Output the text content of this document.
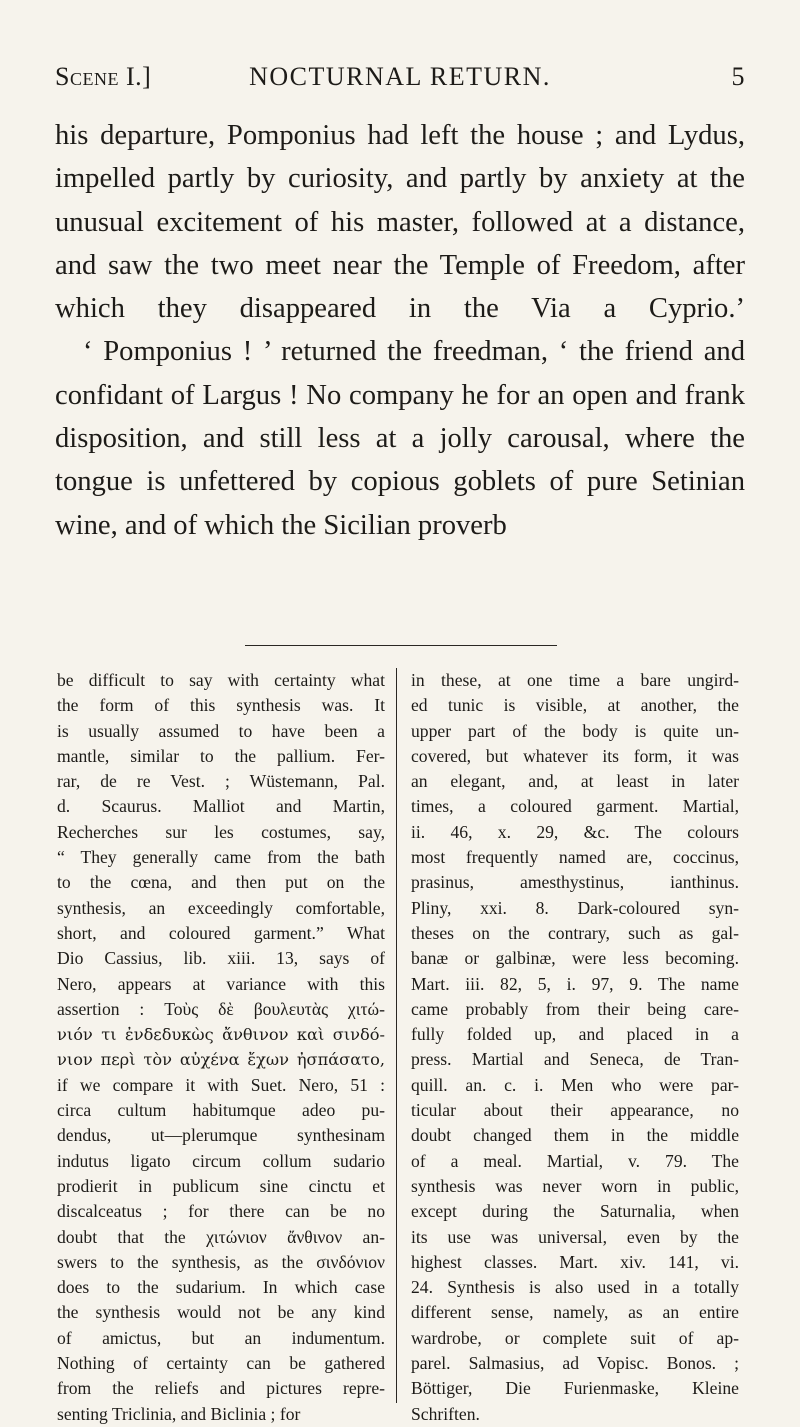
Scene I.]	NOCTURNAL RETURN.	5

his departure, Pomponius had left the house ; and Lydus, impelled partly by curiosity, and partly by anxiety at the unusual excitement of his master, followed at a distance, and saw the two meet near the Temple of Freedom, after which they disappeared in the Via a Cyprio.’

‘ Pomponius ! ’ returned the freedman, ‘ the friend and confidant of Largus ! No company he for an open and frank disposition, and still less at a jolly carousal, where the tongue is unfettered by copious goblets of pure Setinian wine, and of which the Sicilian proverb

be difficult to say with certainty what
the form of this synthesis was. It
is usually assumed to have been a
mantle, similar to the pallium. Fer-
rar, de re Vest. ; Wüstemann, Pal.
d. Scaurus. Malliot and Martin,
Recherches sur les costumes, say,
“ They generally came from the bath
to the cœna, and then put on the
synthesis, an exceedingly comfortable,
short, and coloured garment.” What
Dio Cassius, lib. xiii. 13, says of
Nero, appears at variance with this
assertion : Τοὺς δὲ βουλευτὰς χιτώ-
νιόν τι ἐνδεδυκὼς ἄνθινον καὶ σινδό-
νιον περὶ τὸν αὐχένα ἔχων ἠσπάσατο,
if we compare it with Suet. Nero, 51 :
circa cultum habitumque adeo pu-
dendus, ut—plerumque synthesinam
indutus ligato circum collum sudario
prodierit in publicum sine cinctu et
discalceatus ; for there can be no
doubt that the χιτώνιον ἄνθινον an-
swers to the synthesis, as the σινδόνιον
does to the sudarium. In which case
the synthesis would not be any kind
of amictus, but an indumentum.
Nothing of certainty can be gathered
from the reliefs and pictures repre-
senting Triclinia, and Biclinia ; for
in these, at one time a bare ungird-
ed tunic is visible, at another, the
upper part of the body is quite un-
covered, but whatever its form, it was
an elegant, and, at least in later
times, a coloured garment. Martial,
ii. 46, x. 29, &c. The colours
most frequently named are, coccinus,
prasinus, amesthystinus, ianthinus.
Pliny, xxi. 8. Dark-coloured syn-
theses on the contrary, such as gal-
banæ or galbinæ, were less becoming.
Mart. iii. 82, 5, i. 97, 9. The name
came probably from their being care-
fully folded up, and placed in a
press. Martial and Seneca, de Tran-
quill. an. c. i. Men who were par-
ticular about their appearance, no
doubt changed them in the middle
of a meal. Martial, v. 79. The
synthesis was never worn in public,
except during the Saturnalia, when
its use was universal, even by the
highest classes. Mart. xiv. 141, vi.
24. Synthesis is also used in a totally
different sense, namely, as an entire
wardrobe, or complete suit of ap-
parel. Salmasius, ad Vopisc. Bonos. ;
Böttiger, Die Furienmaske, Kleine
Schriften.
